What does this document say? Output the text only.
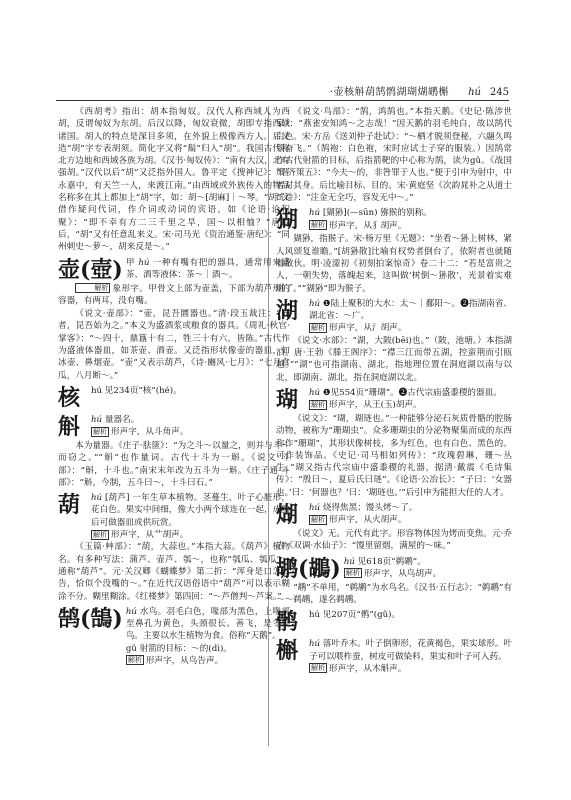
·壶核斛葫鹄鹘湖瑚煳鹕槲 hú 245

《西胡考》指出：胡本指匈奴。汉代人称西域人为西胡，反谓匈奴为东胡。后汉以降，匈奴衰微，胡即专指西域诸国。胡人的特点是深目多须，在外貌上极像西方人。后又造“胡”字专表胡须。简化字又将“鬍”归入“胡”。我国古代称北方边地和西域各族为胡。《汉书·匈奴传》：“南有大汉，北有强胡。”汉代以后“胡”又泛指外国人。鲁平定《搜神记》：“晋永嘉中，有天竺一人，来渡江南。”由西域或外族传入的物品名称多在其上都加上“胡”字，如：胡～[胡麻]｜～琴。“胡”又借作疑问代词，作介词或动词的宾语，如《论语·论积聚》：“即不幸有方二三千里之旱，国～以相恤？”唐以后，“胡”又有任意乱来义。宋·司马光《资治通鉴·唐纪》：“同州刺史～萝～，胡来反是～。”

壶(壺) 甲 hú 一种有嘴有把的器具，通常用来盛茶、酒等液体：茶～｜酒～。

解析 象形字。甲骨文上部为壶盖，下部为葫芦形的容器，有两耳，没有嘴。

《说文·壶部》：“壶，昆吾圜器也。”清·段玉裁注：“壶者，昆吾始为之。”本义为盛酒浆或粮食的器具。《周礼·秋官·掌客》：“～四十，鼎簋十有二，牲三十有六，皆陈。”古代作为盛液体器皿，如茶壶、酒壶。又泛指形状像壶的器皿，如冰壶、鼻烟壶。“壶”又表示葫芦，《诗·豳风·七月》：“七月食瓜，八月断～。”

核	hú 见234页“核”(hé)。
斛	hú 量器名。
解析 形声字，从斗角声。

本为量器。《庄子·胠箧》：“为之斗～以量之，则并与斗～而窃之。”“斛”也作量词。古代十斗为一斛。《说文·斗部》：“斛，十斗也。”南宋末年改为五斗为一斛。《庄子通·斗部》：“斛，今制，五斗曰～，十斗曰石。”

葫	hú [葫芦] 一年生草本植物。茎蔓生，叶子心脏形，花白色。果实中间细，像大小两个球连在一起，成熟后可做器皿或供玩赏。
解析 形声字，从艹胡声。

《玉篇·艸部》：“葫，大蒜也。”本指大蒜。《葫芦》植物名。有多种写法：蒲芦、壶芦、瓠～，也称“瓠瓜、瓠瓜”，通称“葫芦”。元·关汉卿《蝴蝶梦》第二折：“浑身是口怎么告，恰似个没嘴的～。”在近代汉语俗语中“葫芦”可以表示糊涂不分。糊里糊涂。《红楼梦》第四回：“～芦僧判～芦案。”

鹄(鵠) hú 水鸟。羽毛白色，喙部为黑色，上喙部至鼻孔为黄色，头颈很长。善飞，是冬候鸟。主要以水生植物为食。俗称“天鹅”。
gǔ 射箭的目标：～的(dì)。
解析 形声字，从鸟告声。

《说文·鸟部》：“鹄，鸿鹄也。”本指天鹅。《史记·陈涉世家》：“燕雀安知鸿～之志哉！”因天鹅的羽毛纯白，故以鹄代白色。宋·方岳《送刘仲子赴试》：“～栖才脱须登秘，六翮久鸣须奋飞。”（鹄袍：白色袍，宋时应试士子穿的服装。）因鹄常作古代射箭的目标，后指箭靶的中心称为鹄，读为gǔ。《战国策·齐策五》：“今夫～的，非咎罪于人也。”便于引申为射中，中者对其身。后比喻目标、目的。宋·黄庭坚《次韵晁补之从道士试诗》：“注金无全巧，容发无中～。”

猢	hú [猢狲](—sūn) 猕猴的别称。
解析 形声字，从犭胡声。

猢狲，指猴子。宋·杨万里《无题》：“坐看～狲上树林，紧人风颂复谁瞻。”[胡狲散]比喻有权势者倒台了，依附者也就随着散伙。明·凌濛初《初刻拍案惊奇》卷二十二：“若是富贵之人，一朝失势，落魄起来，这叫做‘树倒～狲散’，光景着实难堪了。”“猢狲”即为猴子。

湖	hú ❶陆上聚积的大水：太～｜鄱阳～。❷指湖南省、湖北省：～广。
解析 形声字，从氵胡声。

《说文·水部》：“湖，大陂(bēi)也。”（陂，池塘。）本指湖泊。唐·王勃《滕王阁序》：“襟三江而带五湖，控蛮荆而引瓯越。”“湖”也可指湖南、湖北，指地理位置在洞庭湖以南与以北，即湖南、湖北，指在洞庭湖以北。

瑚	hú ❶见554页“珊瑚”。❷古代宗庙盛黍稷的器皿。
解析 形声字，从王(玉)胡声。

《说文》：“瑚，瑚琏也。”一种能够分泌石灰质骨骼的腔肠动物，被称为“珊瑚虫”。众多珊瑚虫的分泌物聚集而成的东西称作“珊瑚”，其形状像树枝，多为红色，也有白色、黑色的。可作装饰品。《史记·司马相如列传》：“玫瑰碧琳，珊～丛生。”瑚又指古代宗庙中盛黍稷的礼器，据清·戴震《毛诗集传》：“殷曰～，夏后氏曰琏”。《论语·公冶长》：“子曰：‘女器也。’曰：‘何器也？’曰：‘瑚琏也。’”后引申为能担大任的人才。

煳	hú 烧得焦黑；馒头烤～了。
解析 形声字，从火胡声。

《说文》无。元代有此字。形容物体因为烤而变焦。元·乔吉《双调·水仙子》：“馒里留烟，满屋的～味。”

鹕(鶘) hú 见618页“鹈鹕”。
解析 形声字，从鸟胡声。

“鹕”不单用，“鹈鹕”为水鸟名。《汉书·五行志》：“鹈鹕”有～～鹈鹕，遂名鹈鹕。

鹘	hú 见207页“鹘”(gǔ)。
槲	hú 落叶乔木。叶子倒卵形，花黄褐色，果实球形。叶子可以喂柞蚕，树皮可做染料，果实和叶子可入药。
解析 形声字，从木斛声。
